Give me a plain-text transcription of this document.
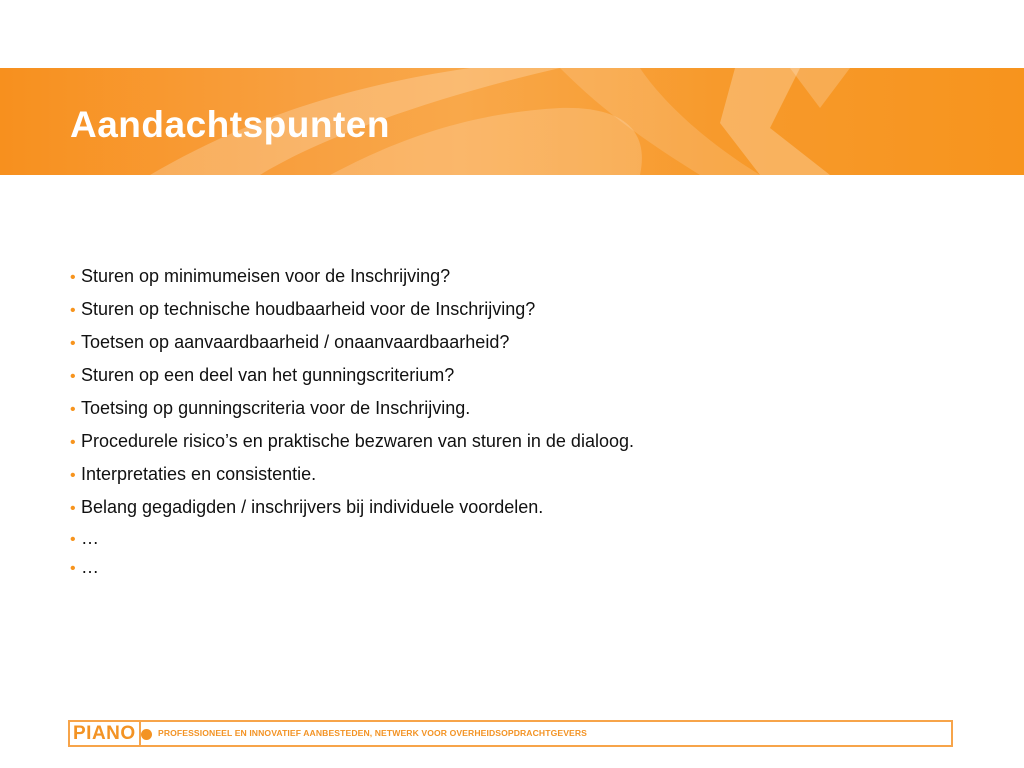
Aandachtspunten
• Sturen op minimumeisen voor de Inschrijving?
• Sturen op technische houdbaarheid voor de Inschrijving?
• Toetsen op aanvaardbaarheid / onaanvaardbaarheid?
• Sturen op een deel van het gunningscriterium?
• Toetsing op gunningscriteria voor de Inschrijving.
• Procedurele risico’s en praktische bezwaren van sturen in de dialoog.
• Interpretaties en consistentie.
• Belang gegadigden / inschrijvers bij individuele voordelen.
• …
• …
PIANO	PROFESSIONEEL EN INNOVATIEF AANBESTEDEN, NETWERK VOOR OVERHEIDSOPDRACHTGEVERS
